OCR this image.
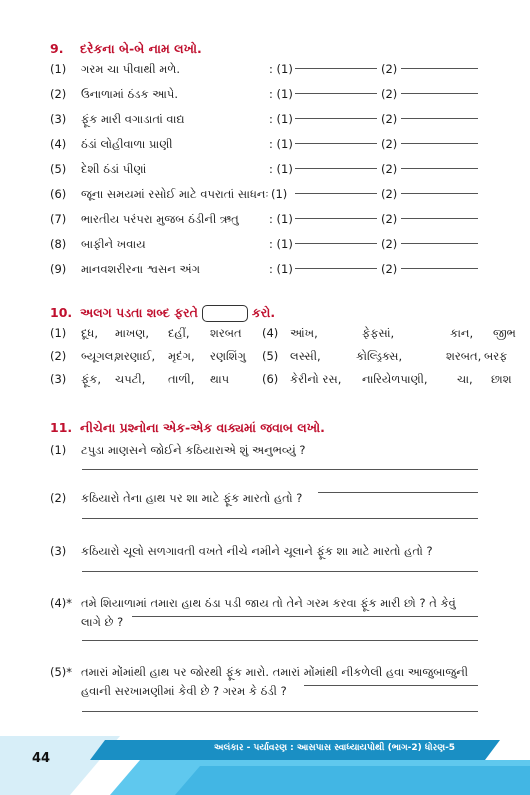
9. દરેકના બે-બે નામ લખો.
(1) ગરમ ચા પીવાથી મળે.	: (1)	(2)
(2) ઉનાળામાં ઠંડક આપે.	: (1)	(2)
(3) ફૂંક મારી વગાડાતાં વાદ્ય	: (1)	(2)
(4) ઠંડાં લોહીવાળા પ્રાણી	: (1)	(2)
(5) દેશી ઠંડાં પીણાં	: (1)	(2)
(6) જૂના સમયમાં રસોઈ માટે વપરાતાં સાધનઃ (1)	(2)
(7) ભારતીય પરંપરા મુજબ ઠંડીની ઋતુ	: (1)	(2)
(8) બાફીને ખવાય	: (1)	(2)
(9) માનવશરીરના શ્વસન અંગ	: (1)	(2)
10. અલગ પડતા શબ્દ ફરતે	કરો.
(1) દૂધ, માખણ, દહીં, શરબત
(2) બ્યૂગલ,
શરણાઈ, મૃદંગ, રણશિંગુ
(3) ફૂંક, ચપટી, તાળી, થાપ
(4) આંખ,	ફેફસાં,	કાન, જીભ
(5) લસ્સી,	કોલ્ડ્રિક્સ,	શરબત, બરફ
(6) કેરીનો રસ, નારિયેળપાણી,	ચા, છાશ
11. નીચેના પ્રશ્નોના એક-એક વાક્યમાં જવાબ લખો.
(1) ટપુડા માણસને જોઈને કઠિયારાએ શું અનુભવ્યું ?
(2) કઠિયારો તેના હાથ પર શા માટે ફૂંક મારતો હતો ?
(3) કઠિયારો ચૂલો સળગાવતી વખતે નીચે નમીને ચૂલાને ફૂંક શા માટે મારતો હતો ?
(4)* તમે શિયાળામાં તમારા હાથ ઠંડા પડી જાય તો તેને ગરમ કરવા ફૂંક મારી છો ? તે કેવું
લાગે છે ?
(5)* તમારાં મોંમાંથી હાથ પર જોરથી ફૂંક મારો. તમારાં મોંમાંથી નીકળેલી હવા આજુબાજુની
હવાની સરખામણીમાં કેવી છે ? ગરમ કે ઠંડી ?
44
અલંકાર - પર્યાવરણ : આસપાસ સ્વાધ્યાયપોથી (ભાગ-2) ધોરણ-5
